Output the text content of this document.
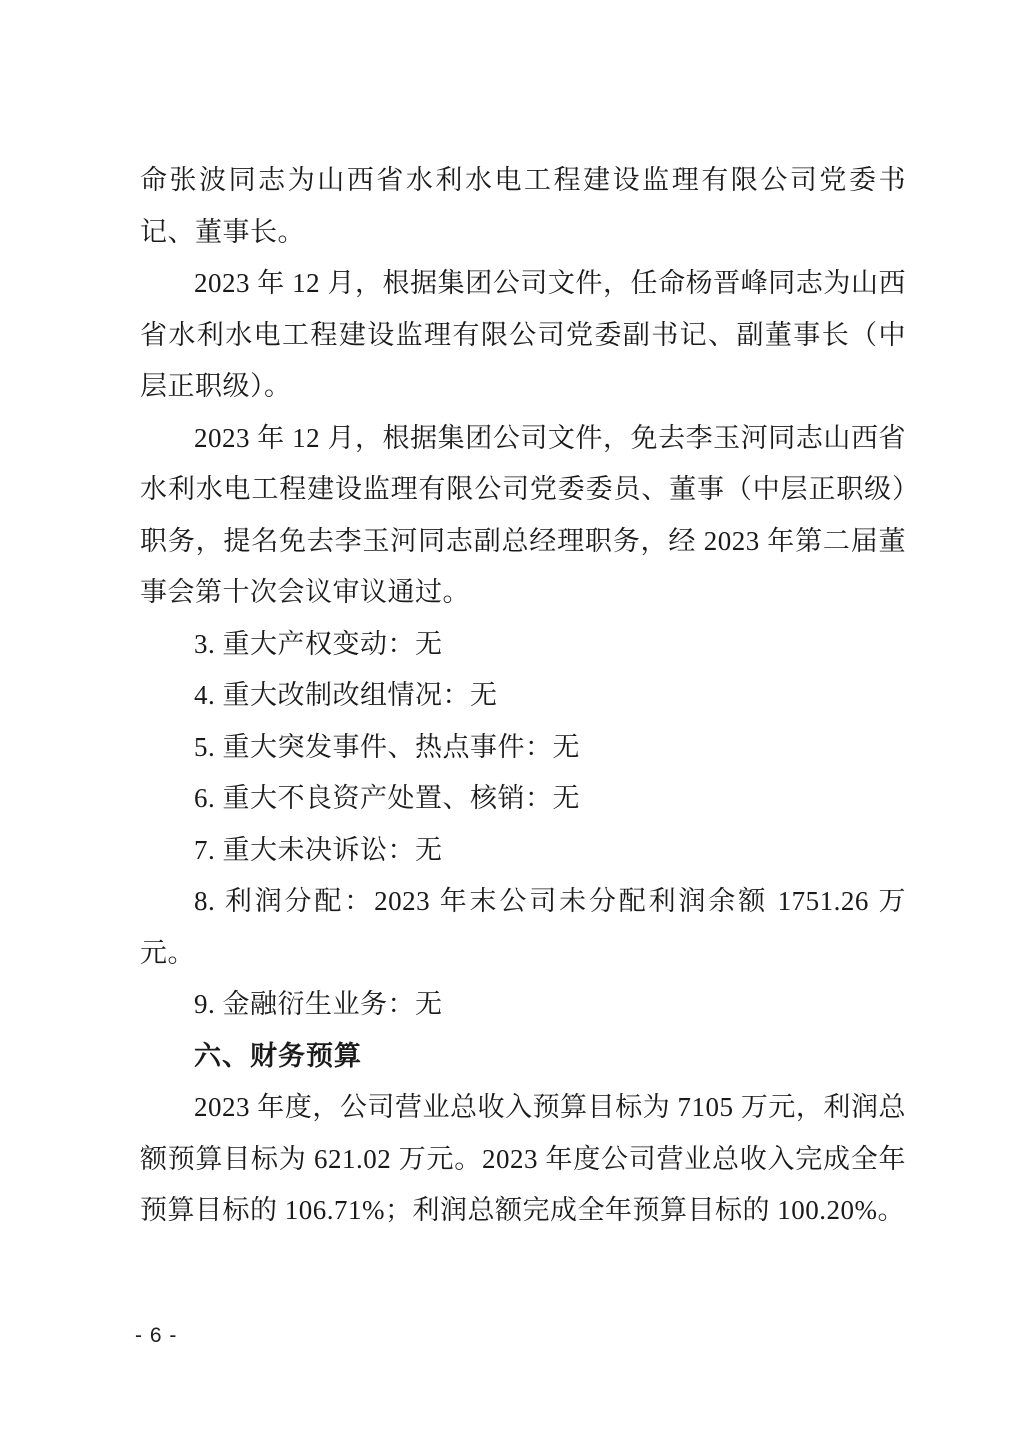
命张波同志为山西省水利水电工程建设监理有限公司党委书记、董事长。

2023 年 12 月，根据集团公司文件，任命杨晋峰同志为山西省水利水电工程建设监理有限公司党委副书记、副董事长（中层正职级）。

2023 年 12 月，根据集团公司文件，免去李玉河同志山西省水利水电工程建设监理有限公司党委委员、董事（中层正职级）职务，提名免去李玉河同志副总经理职务，经 2023 年第二届董事会第十次会议审议通过。

3. 重大产权变动：无

4. 重大改制改组情况：无

5. 重大突发事件、热点事件：无

6. 重大不良资产处置、核销：无

7. 重大未决诉讼：无

8. 利润分配：2023 年末公司未分配利润余额 1751.26 万元。

9. 金融衍生业务：无

六、财务预算

2023 年度，公司营业总收入预算目标为 7105 万元，利润总额预算目标为 621.02 万元。2023 年度公司营业总收入完成全年预算目标的 106.71%；利润总额完成全年预算目标的 100.20%。

- 6 -
